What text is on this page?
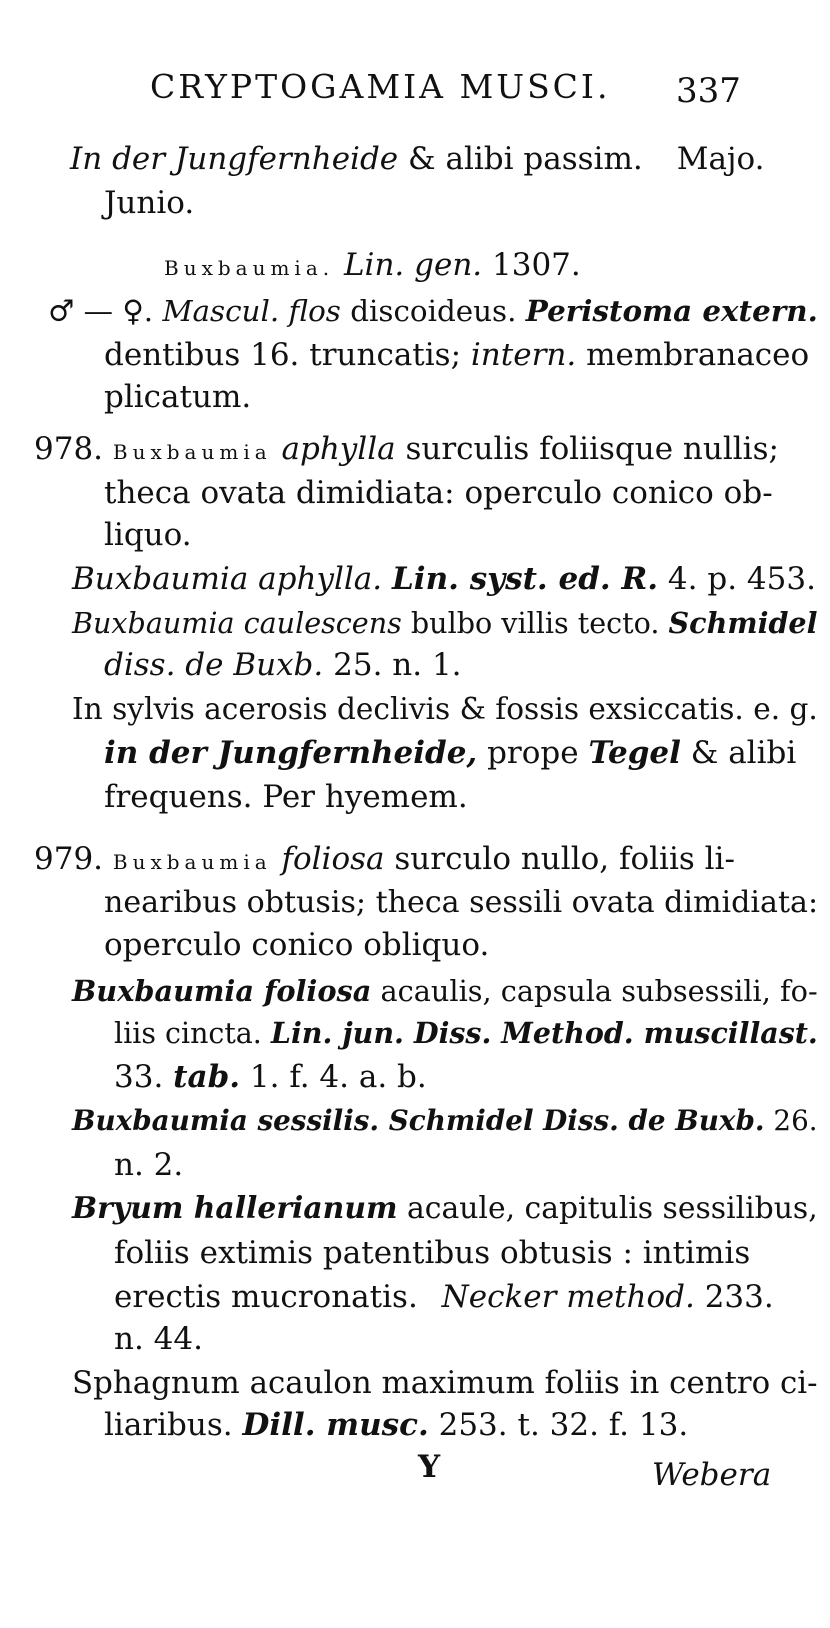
CRYPTOGAMIA MUSCI. 337
In der Jungfernheide & alibi passim. Majo.
Junio.
Buxbaumia. Lin. gen. 1307.
♂ — ♀. Mascul. flos discoideus. Peristoma extern.
dentibus 16. truncatis; intern. membranaceo
plicatum.
978. Buxbaumia aphylla surculis foliisque nullis;
theca ovata dimidiata: operculo conico ob-
liquo.
Buxbaumia aphylla. Lin. syst. ed. R. 4. p. 453.
Buxbaumia caulescens bulbo villis tecto. Schmidel
diss. de Buxb. 25. n. 1.
In sylvis acerosis declivis & fossis exsiccatis. e. g.
in der Jungfernheide, prope Tegel & alibi
frequens. Per hyemem.
979. Buxbaumia foliosa surculo nullo, foliis li-
nearibus obtusis; theca sessili ovata dimidiata:
operculo conico obliquo.
Buxbaumia foliosa acaulis, capsula subsessili, fo-
liis cincta. Lin. jun. Diss. Method. muscillast.
33. tab. 1. f. 4. a. b.
Buxbaumia sessilis. Schmidel Diss. de Buxb. 26.
n. 2.
Bryum hallerianum acaule, capitulis sessilibus,
foliis extimis patentibus obtusis : intimis
erectis mucronatis. Necker method. 233.
n. 44.
Sphagnum acaulon maximum foliis in centro ci-
liaribus. Dill. musc. 253. t. 32. f. 13.
Y	Webera
